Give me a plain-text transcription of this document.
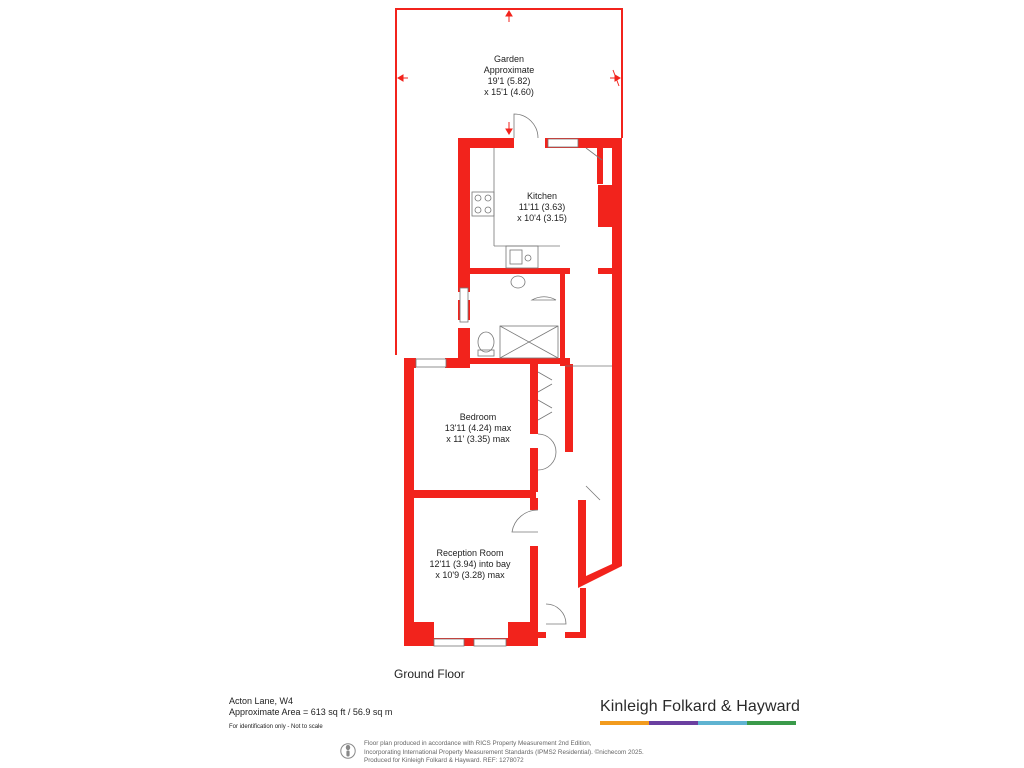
Garden
Approximate
19'1 (5.82)
x 15'1 (4.60)
Kitchen
11'11 (3.63)
x 10'4 (3.15)
Bedroom
13'11 (4.24) max
x 11' (3.35) max
Reception Room
12'11 (3.94) into bay
x 10'9 (3.28) max
Ground Floor
Acton Lane, W4
Approximate Area = 613 sq ft / 56.9 sq m
For identification only - Not to scale
Kinleigh Folkard & Hayward
Floor plan produced in accordance with RICS Property Measurement 2nd Edition,
Incorporating International Property Measurement Standards (IPMS2 Residential). ©nichecom 2025.
Produced for Kinleigh Folkard & Hayward. REF: 1278072
